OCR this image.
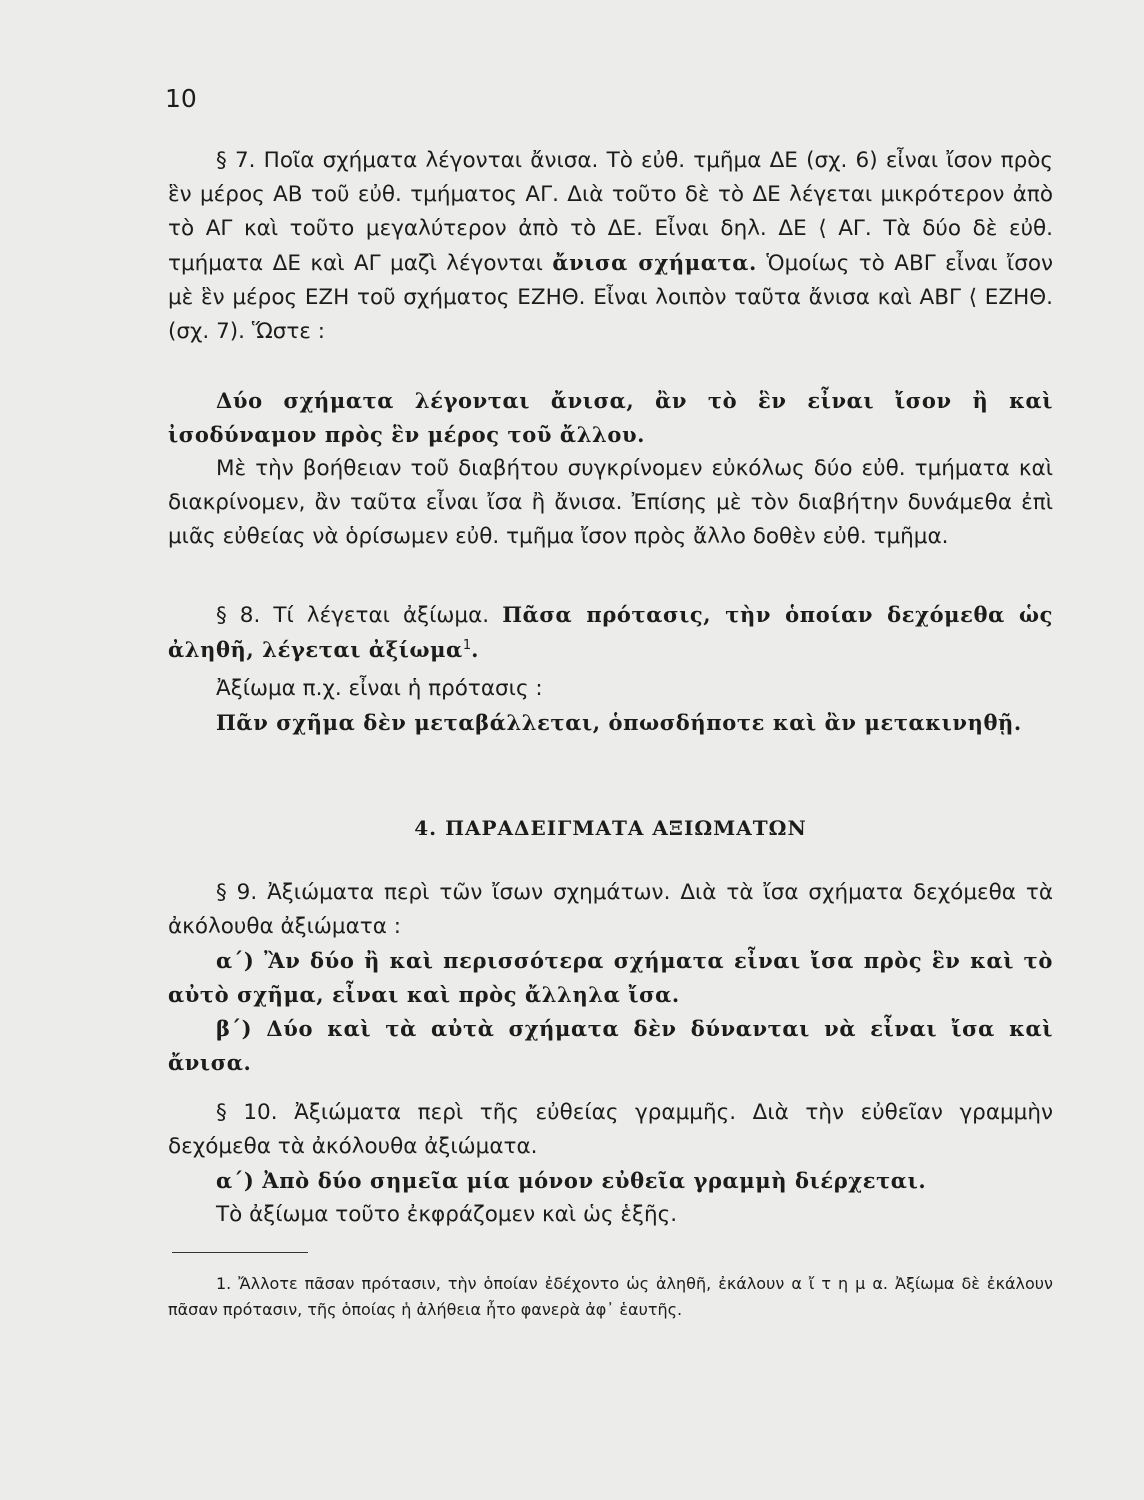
10
§ 7. Ποῖα σχήματα λέγονται ἄνισα. Τὸ εὐθ. τμῆμα ΔΕ (σχ. 6) εἶναι ἴσον πρὸς ἓν μέρος ΑΒ τοῦ εὐθ. τμήματος ΑΓ. Διὰ τοῦτο δὲ τὸ ΔΕ λέγεται μικρότερον ἀπὸ τὸ ΑΓ καὶ τοῦτο μεγαλύτερον ἀπὸ τὸ ΔΕ. Εἶναι δηλ. ΔΕ ⟨ ΑΓ. Τὰ δύο δὲ εὐθ. τμήματα ΔΕ καὶ ΑΓ μαζὶ λέγονται ἄνισα σχήματα. Ὁμοίως τὸ ΑΒΓ εἶναι ἴσον μὲ ἓν μέρος ΕΖΗ τοῦ σχήματος ΕΖΗΘ. Εἶναι λοιπὸν ταῦτα ἄνισα καὶ ΑΒΓ ⟨ ΕΖΗΘ. (σχ. 7). Ὥστε :
Δύο σχήματα λέγονται ἄνισα, ἂν τὸ ἓν εἶναι ἴσον ἢ καὶ ἰσοδύναμον πρὸς ἓν μέρος τοῦ ἄλλου.
Μὲ τὴν βοήθειαν τοῦ διαβήτου συγκρίνομεν εὐκόλως δύο εὐθ. τμήματα καὶ διακρίνομεν, ἂν ταῦτα εἶναι ἴσα ἢ ἄνισα. Ἐπίσης μὲ τὸν διαβήτην δυνάμεθα ἐπὶ μιᾶς εὐθείας νὰ ὁρίσωμεν εὐθ. τμῆμα ἴσον πρὸς ἄλλο δοθὲν εὐθ. τμῆμα.
§ 8. Τί λέγεται ἀξίωμα. Πᾶσα πρότασις, τὴν ὁποίαν δεχόμεθα ὡς ἀληθῆ, λέγεται ἀξίωμα$^1$.
Ἀξίωμα π.χ. εἶναι ἡ πρότασις :
Πᾶν σχῆμα δὲν μεταβάλλεται, ὁπωσδήποτε καὶ ἂν μετακινηθῇ.
4. ΠΑΡΑΔΕΙΓΜΑΤΑ ΑΞΙΩΜΑΤΩΝ
§ 9. Ἀξιώματα περὶ τῶν ἴσων σχημάτων. Διὰ τὰ ἴσα σχήματα δεχόμεθα τὰ ἀκόλουθα ἀξιώματα :
α΄) Ἂν δύο ἢ καὶ περισσότερα σχήματα εἶναι ἴσα πρὸς ἓν καὶ τὸ αὐτὸ σχῆμα, εἶναι καὶ πρὸς ἄλληλα ἴσα.
β΄) Δύο καὶ τὰ αὐτὰ σχήματα δὲν δύνανται νὰ εἶναι ἴσα καὶ ἄνισα.
§ 10. Ἀξιώματα περὶ τῆς εὐθείας γραμμῆς. Διὰ τὴν εὐθεῖαν γραμμὴν δεχόμεθα τὰ ἀκόλουθα ἀξιώματα.
α΄) Ἀπὸ δύο σημεῖα μία μόνον εὐθεῖα γραμμὴ διέρχεται.
Τὸ ἀξίωμα τοῦτο ἐκφράζομεν καὶ ὡς ἑξῆς.
1. Ἄλλοτε πᾶσαν πρότασιν, τὴν ὁποίαν ἐδέχοντο ὡς ἀληθῆ, ἐκάλουν α ἴ τ η μ α. Ἀξίωμα δὲ ἐκάλουν πᾶσαν πρότασιν, τῆς ὁποίας ἡ ἀλήθεια ἦτο φανερὰ ἀφ᾽ ἑαυτῆς.
